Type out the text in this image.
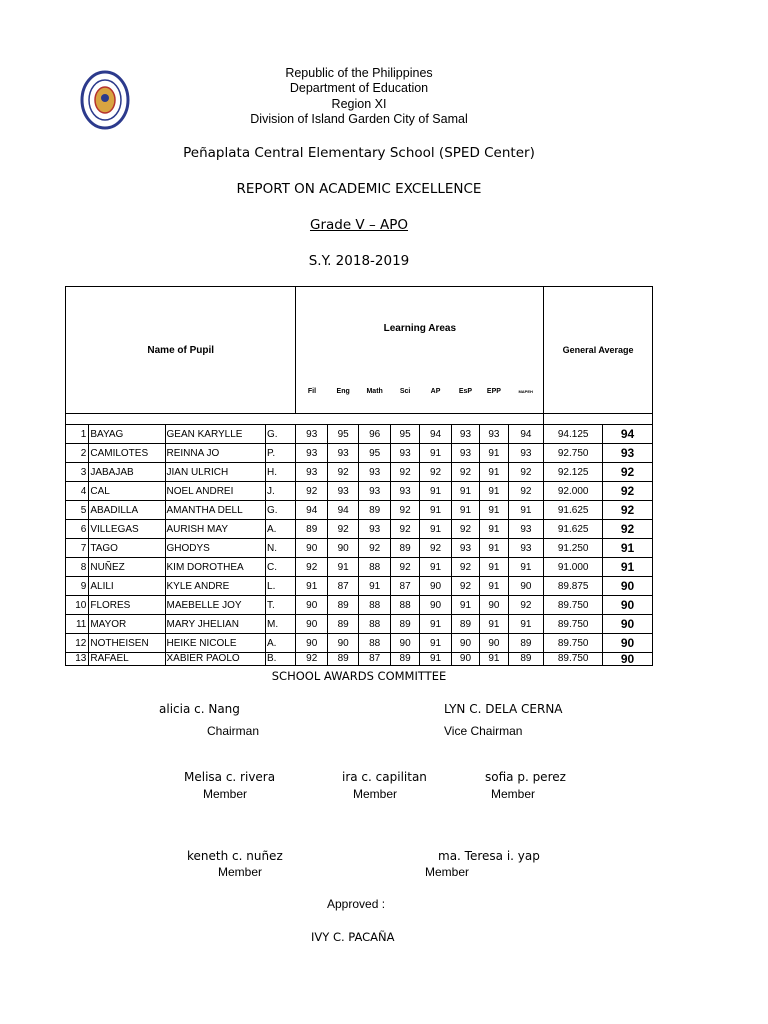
Republic of the Philippines
Department of Education
Region XI
Division of Island Garden City of Samal
Peñaplata Central Elementary School (SPED Center)
REPORT ON ACADEMIC EXCELLENCE
Grade V – APO
S.Y. 2018-2019
Name of Pupil				Learning Areas								General Average	
				Fil	Eng	Math	Sci	AP	EsP	EPP	MAPEH		

1	BAYAG	GEAN KARYLLE	G.	93	95	96	95	94	93	93	94	94.125	94
2	CAMILOTES	REINNA JO	P.	93	93	95	93	91	93	91	93	92.750	93
3	JABAJAB	JIAN ULRICH	H.	93	92	93	92	92	92	91	92	92.125	92
4	CAL	NOEL ANDREI	J.	92	93	93	93	91	91	91	92	92.000	92
5	ABADILLA	AMANTHA DELL	G.	94	94	89	92	91	91	91	91	91.625	92
6	VILLEGAS	AURISH MAY	A.	89	92	93	92	91	92	91	93	91.625	92
7	TAGO	GHODYS	N.	90	90	92	89	92	93	91	93	91.250	91
8	NUÑEZ	KIM DOROTHEA	C.	92	91	88	92	91	92	91	91	91.000	91
9	ALILI	KYLE ANDRE	L.	91	87	91	87	90	92	91	90	89.875	90
10	FLORES	MAEBELLE JOY	T.	90	89	88	88	90	91	90	92	89.750	90
11	MAYOR	MARY JHELIAN	M.	90	89	88	89	91	89	91	91	89.750	90
12	NOTHEISEN	HEIKE NICOLE	A.	90	90	88	90	91	90	90	89	89.750	90
13	RAFAEL	XABIER PAOLO	B.	92	89	87	89	91	90	91	89	89.750	90
SCHOOL AWARDS COMMITTEE
alicia c. Nang
Chairman
LYN C. DELA CERNA
Vice Chairman
Melisa c. rivera
Member
ira c. capilitan
Member
sofia p. perez
Member
keneth c. nuñez
Member
ma. Teresa i. yap
Member
Approved :
IVY C. PACAÑA
